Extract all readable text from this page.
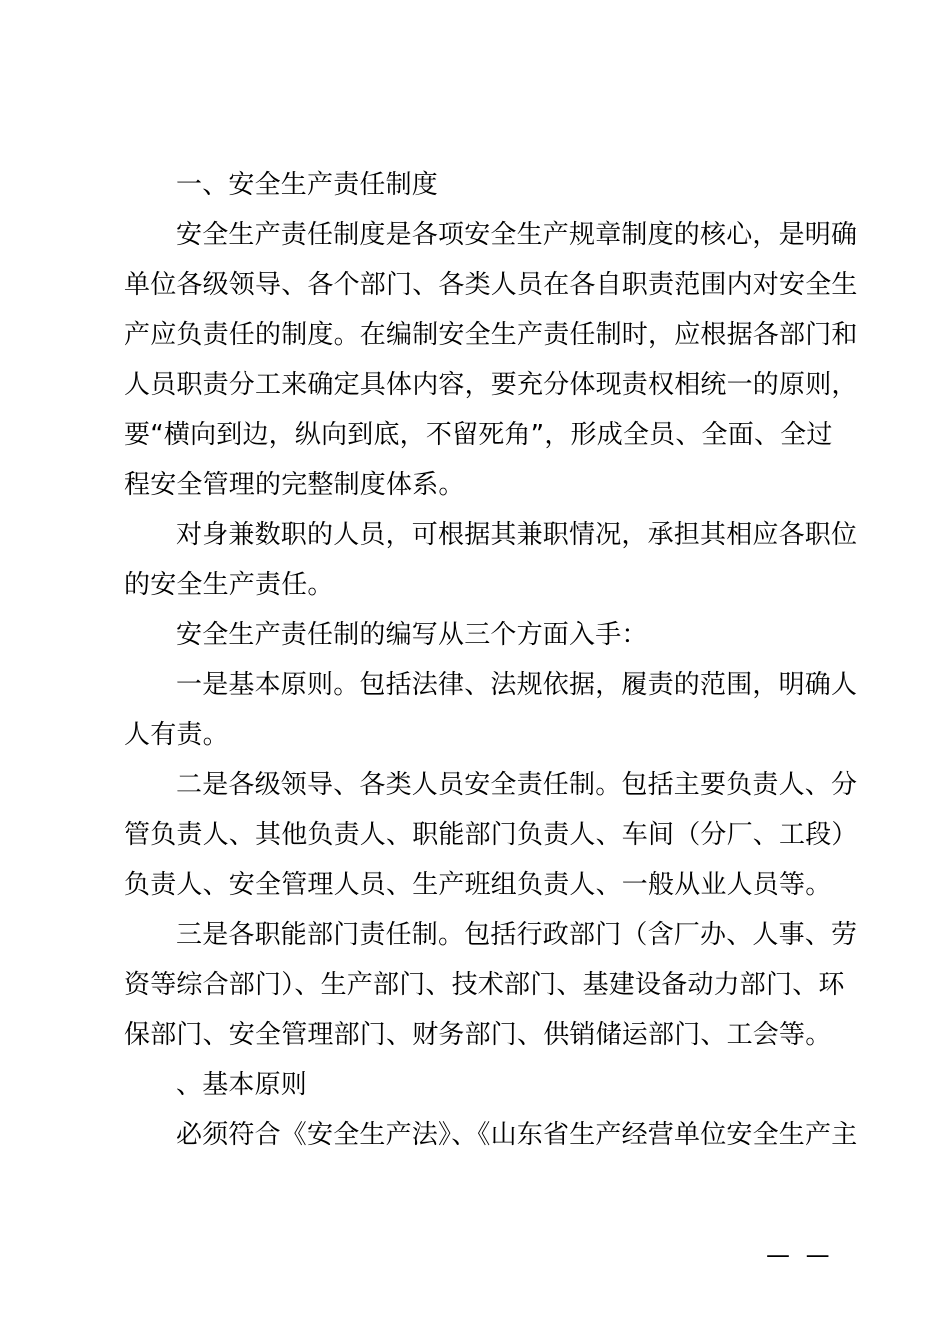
一、安全生产责任制度
安全生产责任制度是各项安全生产规章制度的核心，是明确
单位各级领导、各个部门、各类人员在各自职责范围内对安全生
产应负责任的制度。在编制安全生产责任制时，应根据各部门和
人员职责分工来确定具体内容，要充分体现责权相统一的原则，
要“横向到边，纵向到底，不留死角”，形成全员、全面、全过
程安全管理的完整制度体系。
对身兼数职的人员，可根据其兼职情况，承担其相应各职位
的安全生产责任。
安全生产责任制的编写从三个方面入手：
一是基本原则。包括法律、法规依据，履责的范围，明确人
人有责。
二是各级领导、各类人员安全责任制。包括主要负责人、分
管负责人、其他负责人、职能部门负责人、车间（分厂、工段）
负责人、安全管理人员、生产班组负责人、一般从业人员等。
三是各职能部门责任制。包括行政部门（含厂办、人事、劳
资等综合部门）、生产部门、技术部门、基建设备动力部门、环
保部门、安全管理部门、财务部门、供销储运部门、工会等。
、基本原则
必须符合《安全生产法》、《山东省生产经营单位安全生产主
— —
